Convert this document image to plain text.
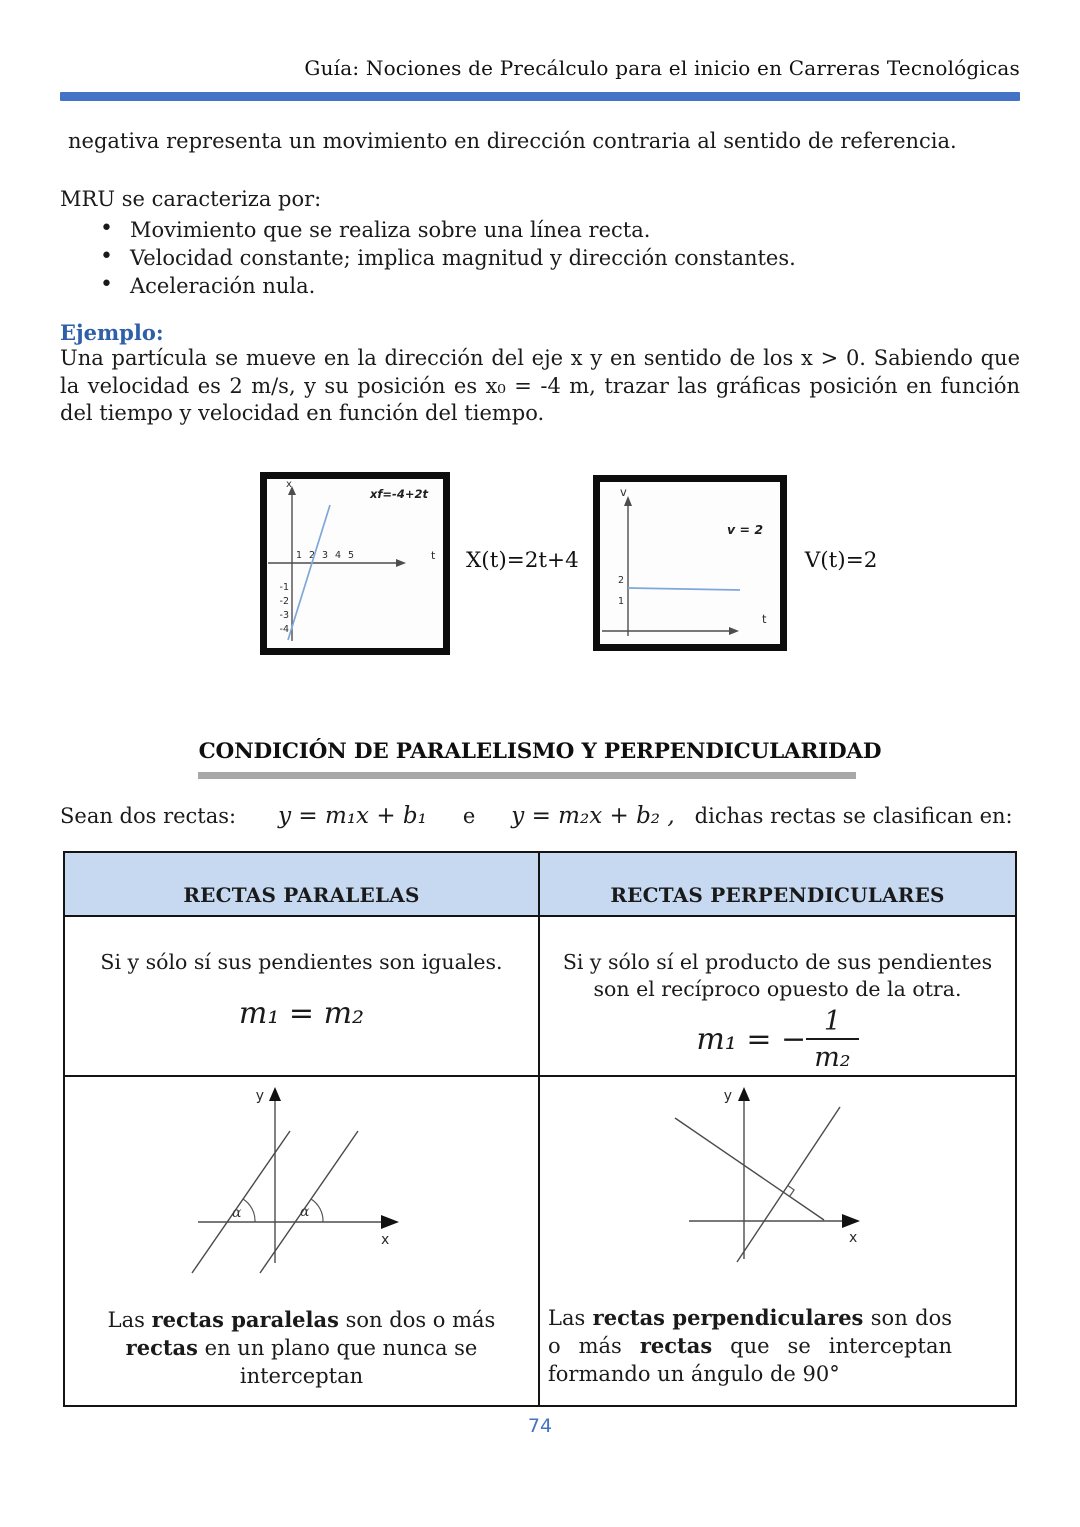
Guía: Nociones de Precálculo para el inicio en Carreras Tecnológicas

negativa representa un movimiento en dirección contraria al sentido de referencia.

MRU se caracteriza por:

• Movimiento que se realiza sobre una línea recta.
• Velocidad constante; implica magnitud y dirección constantes.
• Aceleración nula.

Ejemplo:

Una partícula se mueve en la dirección del eje x y en sentido de los x > 0. Sabiendo que la velocidad es 2 m/s, y su posición es x₀ = -4 m, trazar las gráficas posición en función del tiempo y velocidad en función del tiempo.

x
xf=-4+2t
t
1 2 3 4 5
-1
-2
-3
-4
X(t)=2t+4
v
v = 2
2
1
t
V(t)=2
CONDICIÓN DE PARALELISMO Y PERPENDICULARIDAD
Sean dos rectas: y = m₁x + b₁ e y = m₂x + b₂ , dichas rectas se clasifican en:
RECTAS PARALELAS	RECTAS PERPENDICULARES

Si y sólo sí sus pendientes son iguales.

m₁ = m₂

Si y sólo sí el producto de sus pendientes son el recíproco opuesto de la otra.

m₁ = − $\frac{1}{\text{m₂}}$
y
x
α	α

Las rectas paralelas son dos o más rectas en un plano que nunca se interceptan

y
x

Las rectas perpendiculares son dos o más rectas que se interceptan formando un ángulo de 90°

74
